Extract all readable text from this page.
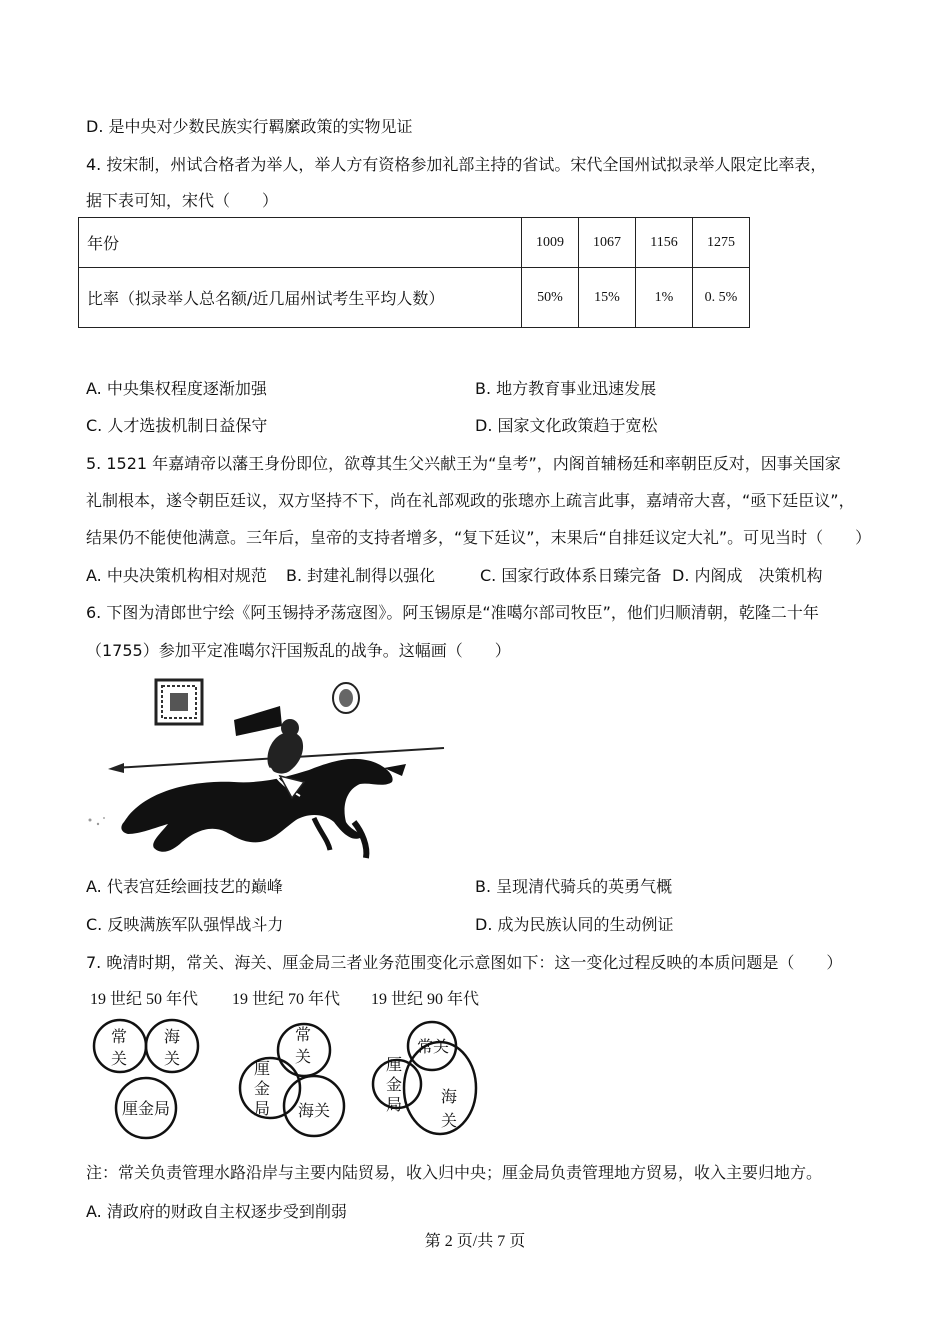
D. 是中央对少数民族实行羁縻政策的实物见证
4. 按宋制，州试合格者为举人，举人方有资格参加礼部主持的省试。宋代全国州试拟录举人限定比率表，
据下表可知，宋代（　　）
年份	1009	1067	1156	1275
比率（拟录举人总名额/近几届州试考生平均人数）	50%	15%	1%	0. 5%
A. 中央集权程度逐渐加强	B. 地方教育事业迅速发展
C. 人才选拔机制日益保守	D. 国家文化政策趋于宽松
5. 1521 年嘉靖帝以藩王身份即位，欲尊其生父兴献王为“皇考”，内阁首辅杨廷和率朝臣反对，因事关国家
礼制根本，遂令朝臣廷议，双方坚持不下，尚在礼部观政的张璁亦上疏言此事，嘉靖帝大喜，“亟下廷臣议”，
结果仍不能使他满意。三年后，皇帝的支持者增多，“复下廷议”，末果后“自排廷议定大礼”。可见当时（　　）
A. 中央决策机构相对规范 B. 封建礼制得以强化	C. 国家行政体系日臻完备 D. 内阁成　决策机构
6. 下图为清郎世宁绘《阿玉锡持矛荡寇图》。阿玉锡原是“准噶尔部司牧臣”，他们归顺清朝，乾隆二十年
（1755）参加平定准噶尔汗国叛乱的战争。这幅画（　　）
A. 代表宫廷绘画技艺的巅峰	B. 呈现清代骑兵的英勇气概
C. 反映满族军队强悍战斗力	D. 成为民族认同的生动例证
7. 晚清时期，常关、海关、厘金局三者业务范围变化示意图如下：这一变化过程反映的本质问题是（　　）
19 世纪 50 年代
常
关
海
关
厘金局
19 世纪 70 年代
常
关
厘
金
局 海关
19 世纪 90 年代
常关
厘
金
局 海
关
注：常关负责管理水路沿岸与主要内陆贸易，收入归中央；厘金局负责管理地方贸易，收入主要归地方。
A. 清政府的财政自主权逐步受到削弱
第 2 页/共 7 页
